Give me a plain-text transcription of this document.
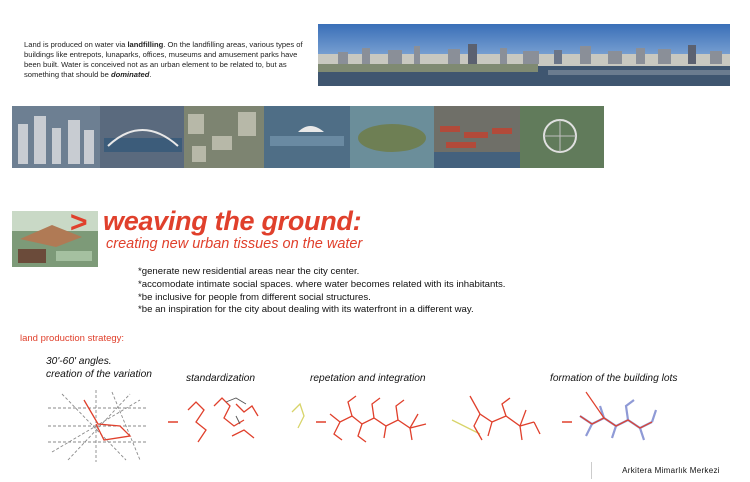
Land is produced on water via landfilling. On the landfilling areas, various types of buildings like entrepots, lunaparks, offices, museums and amusement parks have been built. Water is conceived not as an urban element to be related to, but as something that should be dominated.
> weaving the ground:
creating new urban tissues on the water
*generate new residential areas near the city center.
*accomodate intimate social spaces. where water becomes related with its inhabitants.
*be inclusive for people from different social structures.
*be an inspiration for the city about dealing with its waterfront in a different way.
land production strategy:
30'-60' angles.
creation of the variation	standardization	repetation and integration	formation of the building lots
Arkitera Mimarlık Merkezi
